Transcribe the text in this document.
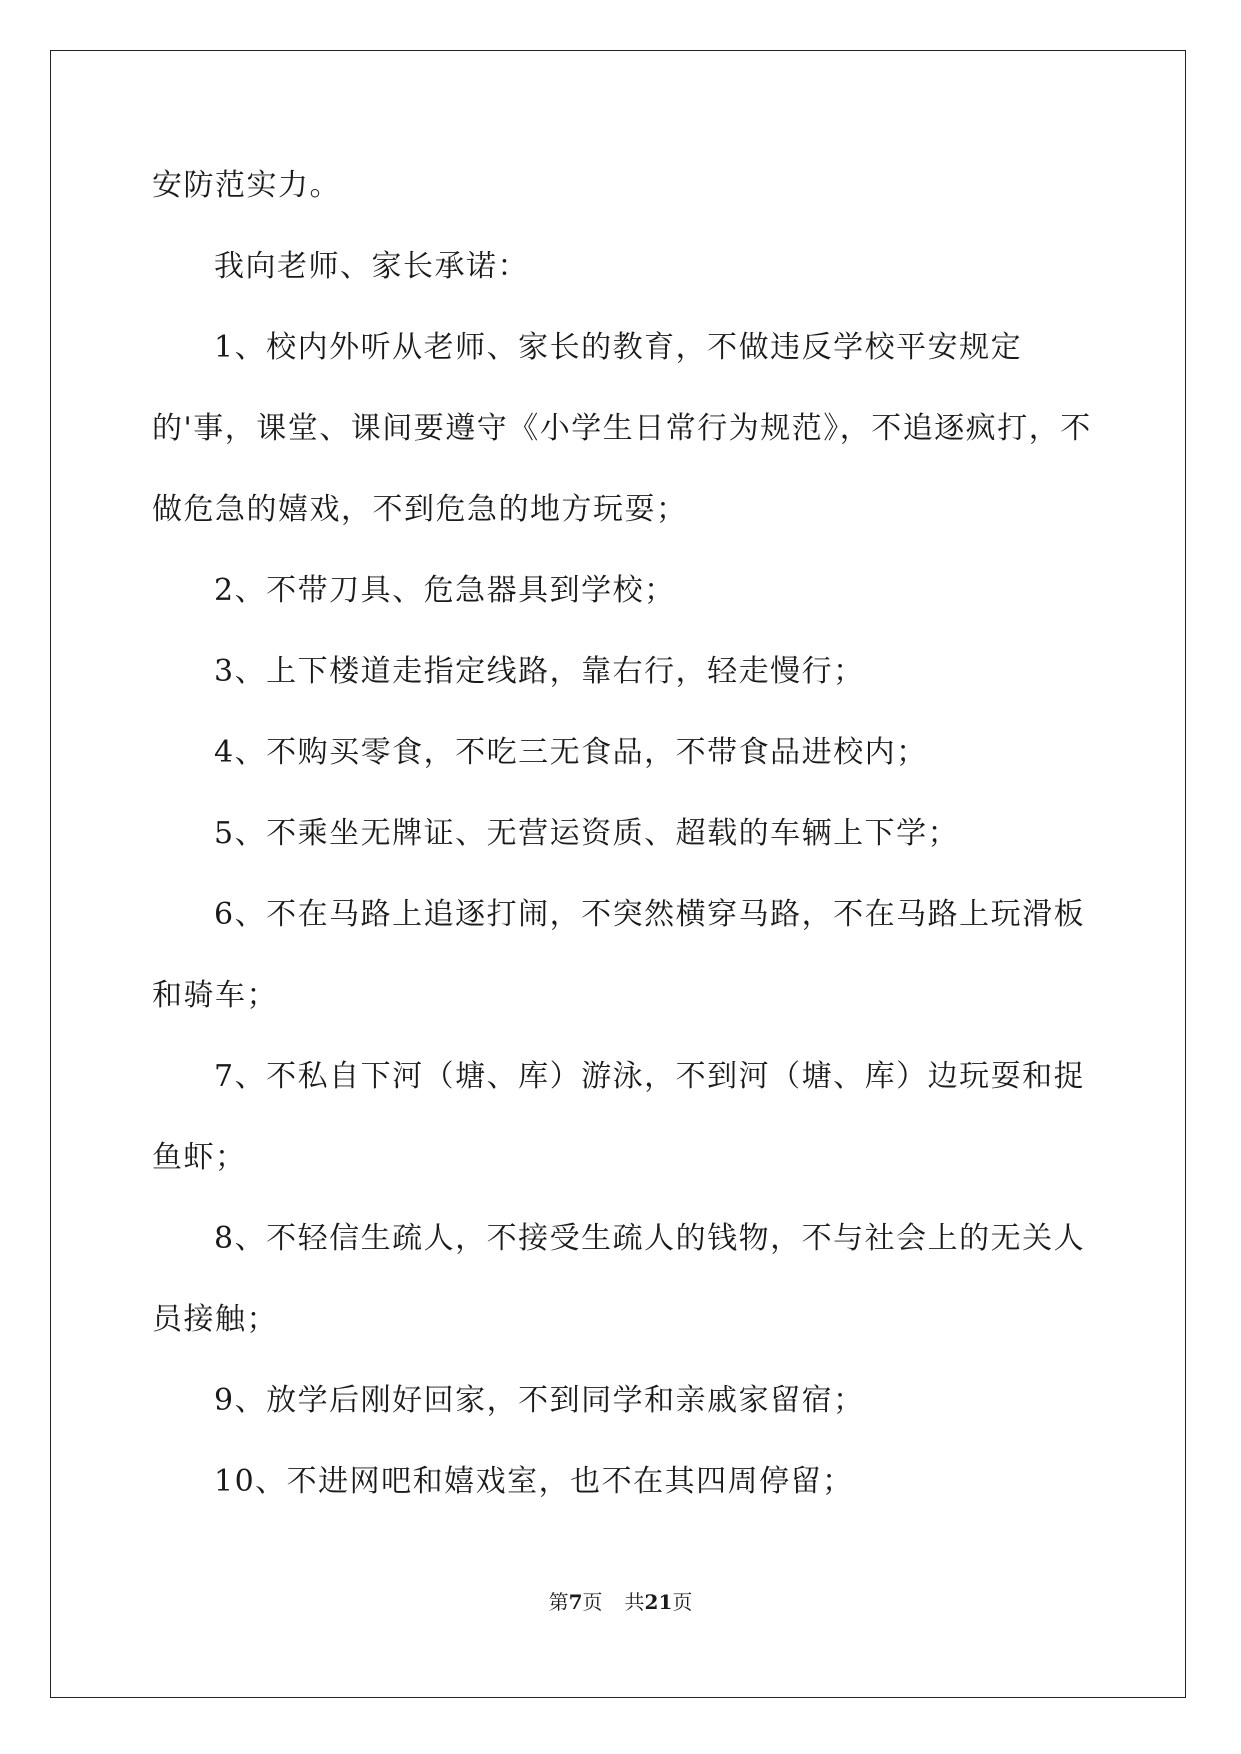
安防范实力。

我向老师、家长承诺：

1、校内外听从老师、家长的教育，不做违反学校平安规定的'事，课堂、课间要遵守《小学生日常行为规范》，不追逐疯打，不做危急的嬉戏，不到危急的地方玩耍；

2、不带刀具、危急器具到学校；

3、上下楼道走指定线路，靠右行，轻走慢行；

4、不购买零食，不吃三无食品，不带食品进校内；

5、不乘坐无牌证、无营运资质、超载的车辆上下学；

6、不在马路上追逐打闹，不突然横穿马路，不在马路上玩滑板和骑车；

7、不私自下河（塘、库）游泳，不到河（塘、库）边玩耍和捉鱼虾；

8、不轻信生疏人，不接受生疏人的钱物，不与社会上的无关人员接触；

9、放学后刚好回家，不到同学和亲戚家留宿；

10、不进网吧和嬉戏室，也不在其四周停留；

第7页 共21页
